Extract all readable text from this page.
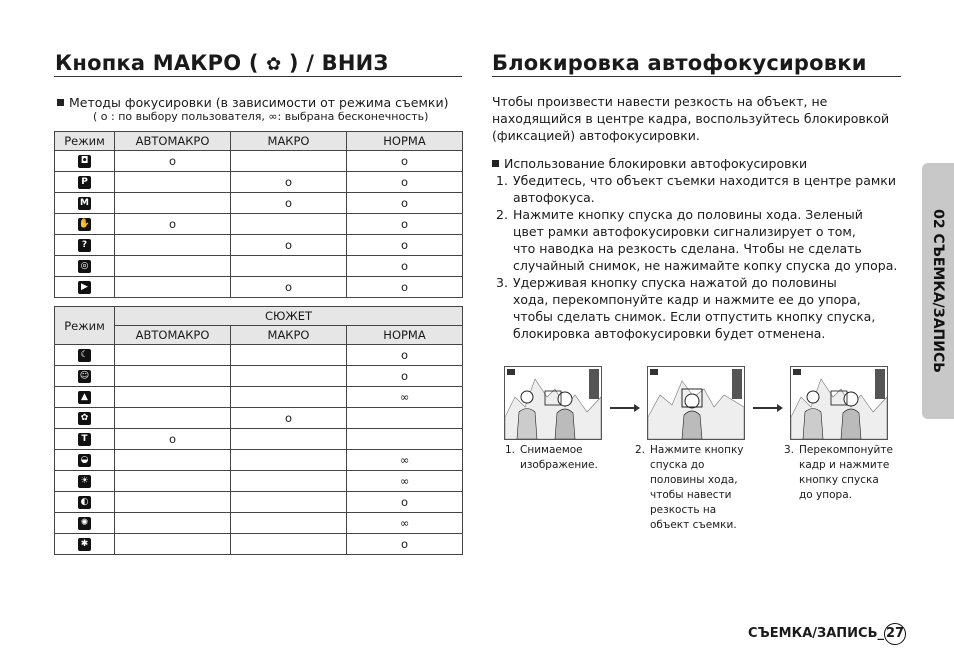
Кнопка МАКРО ( ✿ ) / ВНИЗ
Методы фокусировки (в зависимости от режима съемки)
( о : по выбору пользователя, ∞: выбрана бесконечность)
Режим	АВТОМАКРО	МАКРО	НОРМА
◘	о		о
P		о	о
M		о	о
✋	о		о
?		о	о
◎			о
▶		о	о
Режим	СЮЖЕТ		
	АВТОМАКРО	МАКРО	НОРМА
☾			о
☺			о
▲			∞
✿		о	
T	о		
◒			∞
☀			∞
◐			о
✺			∞
✱			о
Блокировка автофокусировки
Чтобы произвести навести резкость на объект, не
находящийся в центре кадра, воспользуйтесь блокировкой
(фиксацией) автофокусировки.
Использование блокировки автофокусировки
1. Убедитесь, что объект съемки находится в центре рамки
автофокуса.
2. Нажмите кнопку спуска до половины хода. Зеленый
цвет рамки автофокусировки сигнализирует о том,
что наводка на резкость сделана. Чтобы не сделать
случайный снимок, не нажимайте копку спуска до упора.
3. Удерживая кнопку спуска нажатой до половины
хода, перекомпонуйте кадр и нажмите ее до упора,
чтобы сделать снимок. Если отпустить кнопку спуска,
блокировка автофокусировки будет отменена.
1. Снимаемое
изображение.
2. Нажмите кнопку
спуска до
половины хода,
чтобы навести
резкость на
объект съемки.
3. Перекомпонуйте
кадр и нажмите
кнопку спуска
до упора.
02 СЪЕМКА/ЗАПИСЬ
СЪЕМКА/ЗАПИСЬ_ 27
